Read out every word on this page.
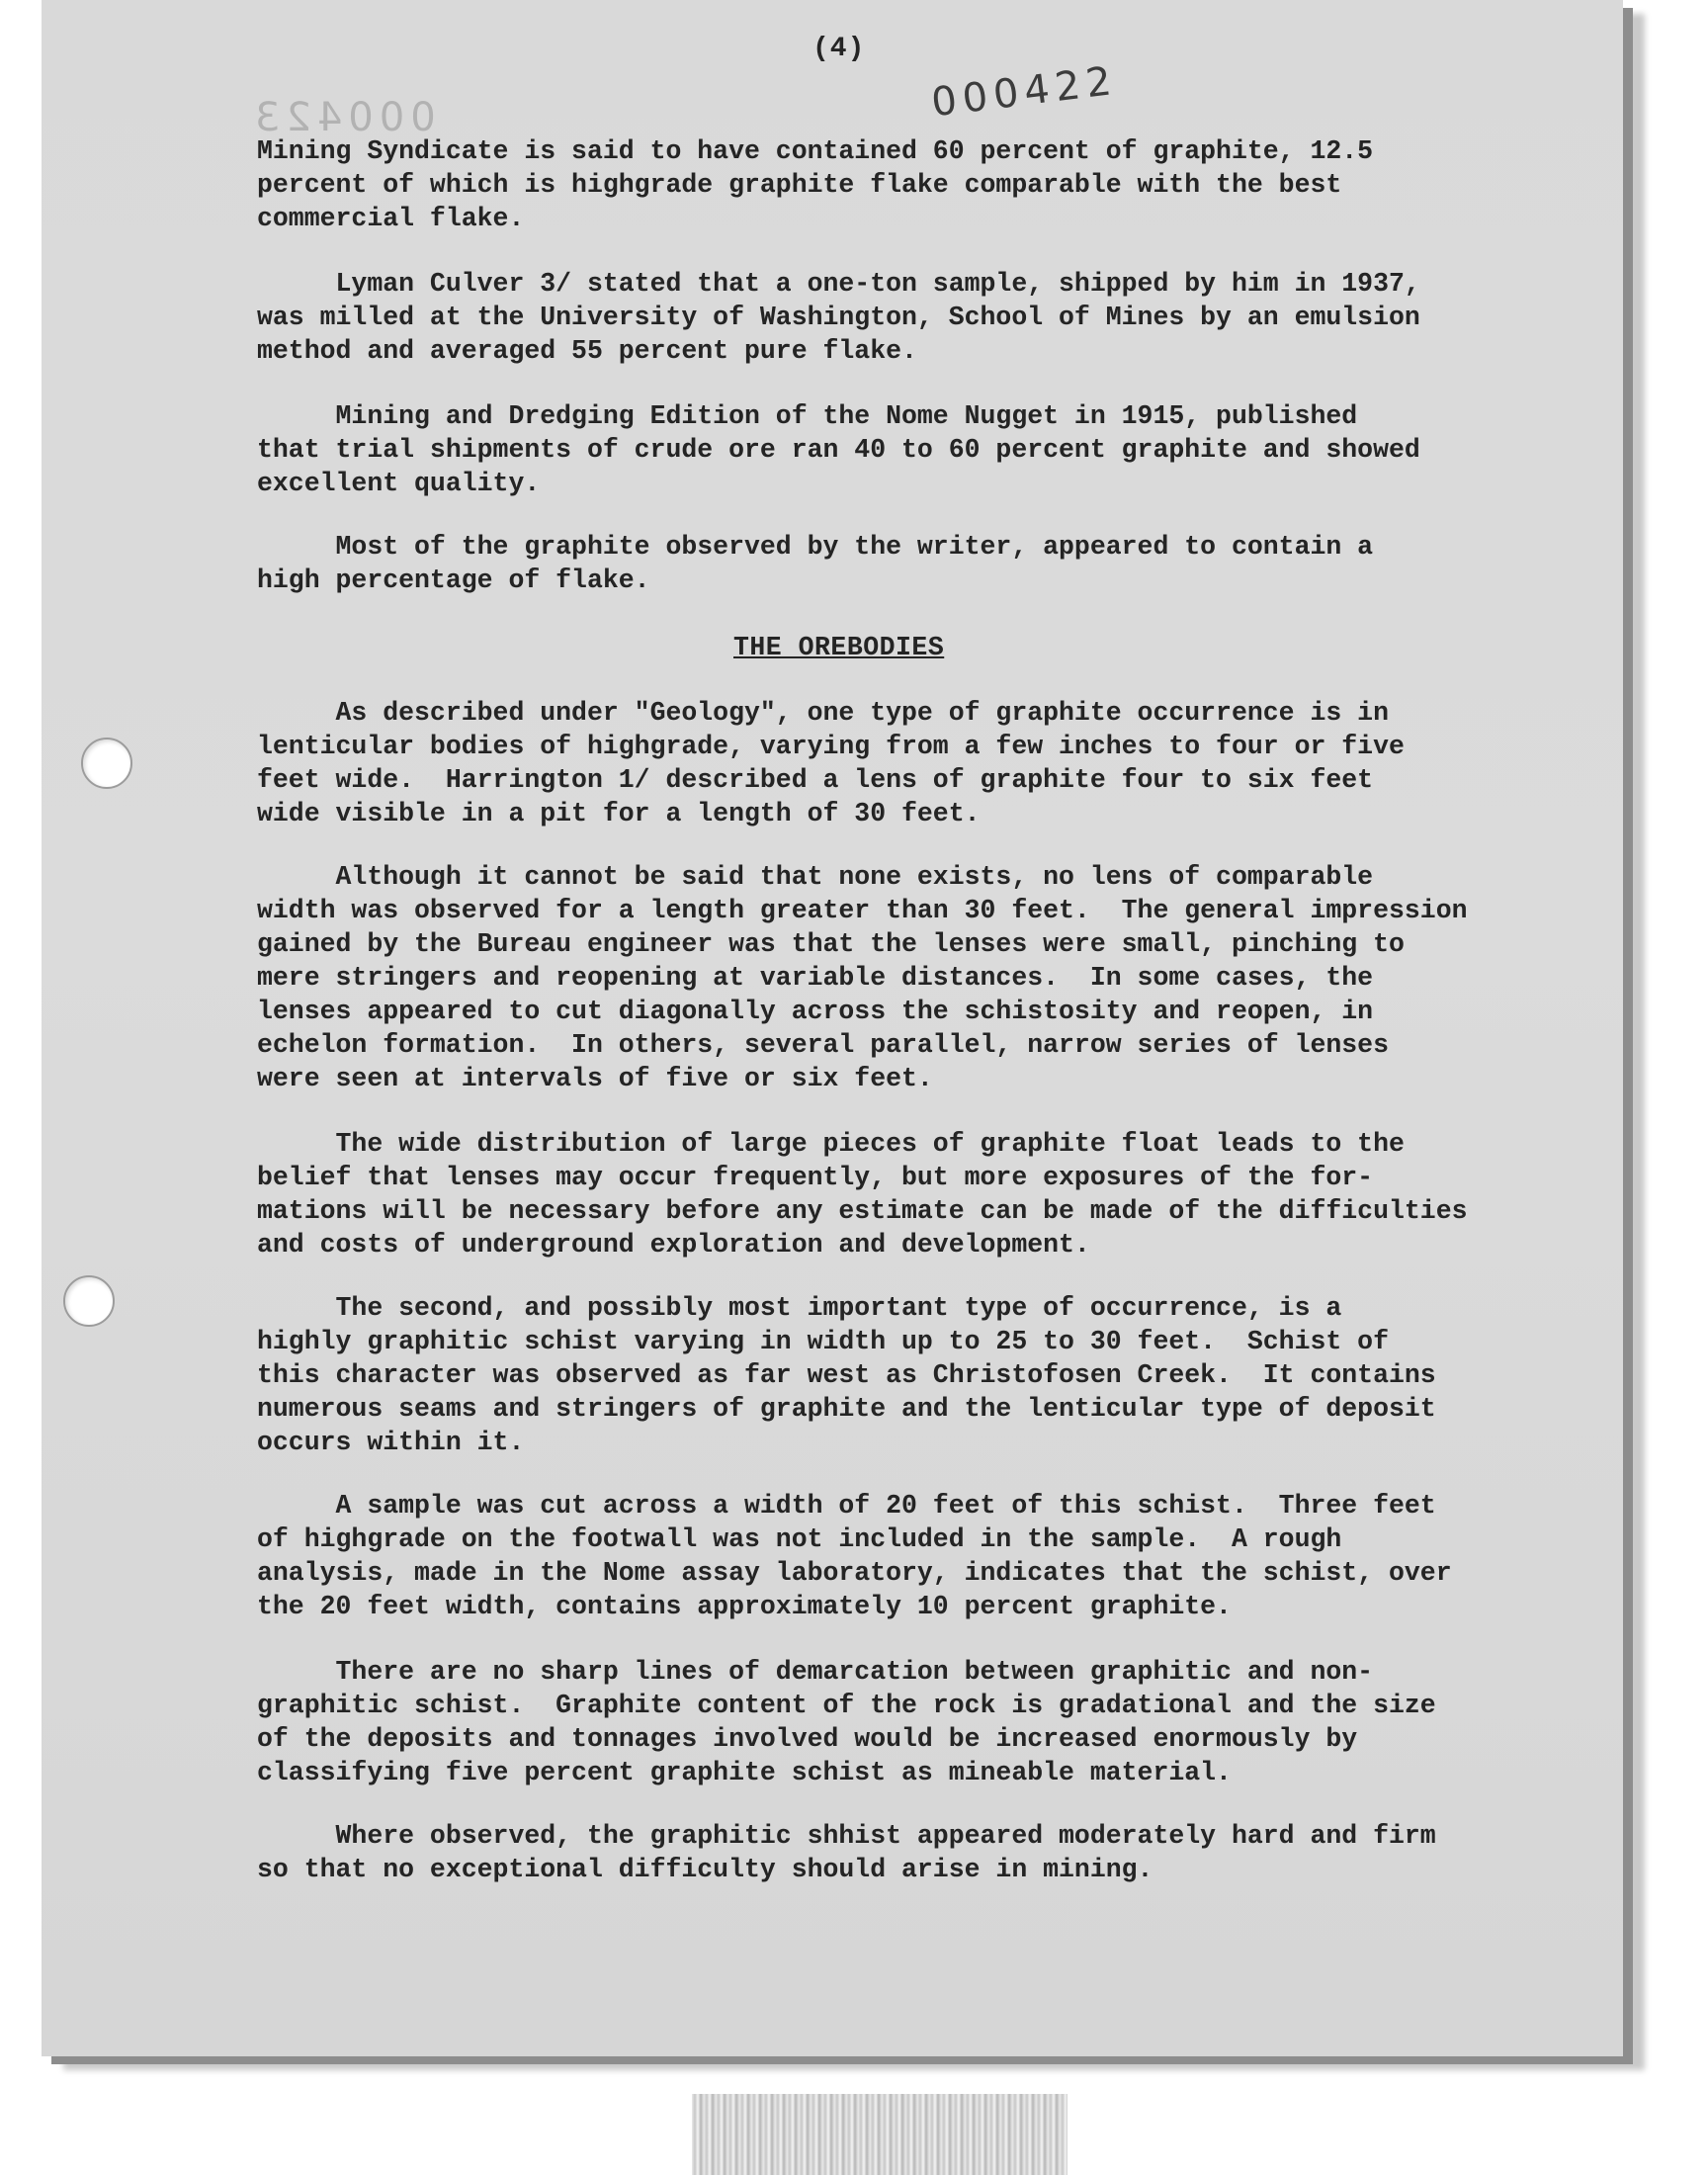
(4)
000422
000423

Mining Syndicate is said to have contained 60 percent of graphite, 12.5
percent of which is highgrade graphite flake comparable with the best
commercial flake.

Lyman Culver 3/ stated that a one-ton sample, shipped by him in 1937,
was milled at the University of Washington, School of Mines by an emulsion
method and averaged 55 percent pure flake.

Mining and Dredging Edition of the Nome Nugget in 1915, published
that trial shipments of crude ore ran 40 to 60 percent graphite and showed
excellent quality.

Most of the graphite observed by the writer, appeared to contain a
high percentage of flake.

THE OREBODIES

As described under "Geology", one type of graphite occurrence is in
lenticular bodies of highgrade, varying from a few inches to four or five
feet wide.  Harrington 1/ described a lens of graphite four to six feet
wide visible in a pit for a length of 30 feet.

Although it cannot be said that none exists, no lens of comparable
width was observed for a length greater than 30 feet.  The general impression
gained by the Bureau engineer was that the lenses were small, pinching to
mere stringers and reopening at variable distances.  In some cases, the
lenses appeared to cut diagonally across the schistosity and reopen, in
echelon formation.  In others, several parallel, narrow series of lenses
were seen at intervals of five or six feet.

The wide distribution of large pieces of graphite float leads to the
belief that lenses may occur frequently, but more exposures of the for-
mations will be necessary before any estimate can be made of the difficulties
and costs of underground exploration and development.

The second, and possibly most important type of occurrence, is a
highly graphitic schist varying in width up to 25 to 30 feet.  Schist of
this character was observed as far west as Christofosen Creek.  It contains
numerous seams and stringers of graphite and the lenticular type of deposit
occurs within it.

A sample was cut across a width of 20 feet of this schist.  Three feet
of highgrade on the footwall was not included in the sample.  A rough
analysis, made in the Nome assay laboratory, indicates that the schist, over
the 20 feet width, contains approximately 10 percent graphite.

There are no sharp lines of demarcation between graphitic and non-
graphitic schist.  Graphite content of the rock is gradational and the size
of the deposits and tonnages involved would be increased enormously by
classifying five percent graphite schist as mineable material.

Where observed, the graphitic shhist appeared moderately hard and firm
so that no exceptional difficulty should arise in mining.
